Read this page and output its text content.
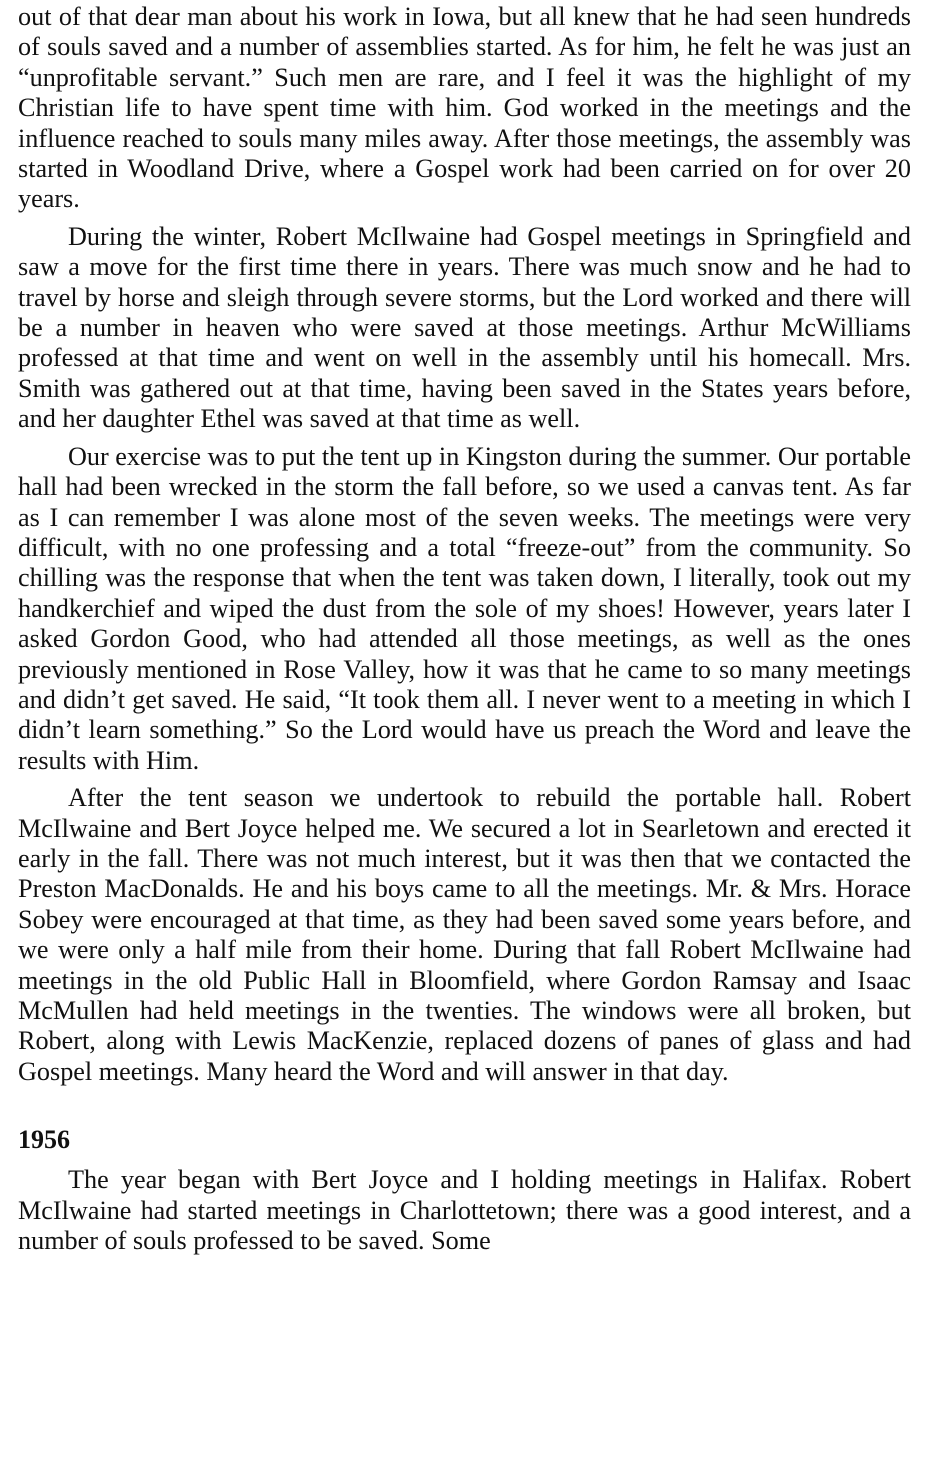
out of that dear man about his work in Iowa, but all knew that he had seen hundreds of souls saved and a number of assemblies started. As for him, he felt he was just an “unprofitable servant.” Such men are rare, and I feel it was the highlight of my Christian life to have spent time with him. God worked in the meetings and the influence reached to souls many miles away. After those meetings, the assembly was started in Woodland Drive, where a Gospel work had been carried on for over 20 years.

During the winter, Robert McIlwaine had Gospel meetings in Springfield and saw a move for the first time there in years. There was much snow and he had to travel by horse and sleigh through severe storms, but the Lord worked and there will be a number in heaven who were saved at those meetings. Arthur McWilliams professed at that time and went on well in the assembly until his homecall. Mrs. Smith was gathered out at that time, having been saved in the States years before, and her daughter Ethel was saved at that time as well.

Our exercise was to put the tent up in Kingston during the summer. Our portable hall had been wrecked in the storm the fall before, so we used a canvas tent. As far as I can remember I was alone most of the seven weeks. The meetings were very difficult, with no one professing and a total “freeze-out” from the community. So chilling was the response that when the tent was taken down, I literally, took out my handkerchief and wiped the dust from the sole of my shoes! However, years later I asked Gordon Good, who had attended all those meetings, as well as the ones previously mentioned in Rose Valley, how it was that he came to so many meetings and didn’t get saved. He said, “It took them all. I never went to a meeting in which I didn’t learn something.” So the Lord would have us preach the Word and leave the results with Him.

After the tent season we undertook to rebuild the portable hall. Robert McIlwaine and Bert Joyce helped me. We secured a lot in Searletown and erected it early in the fall. There was not much interest, but it was then that we contacted the Preston MacDonalds. He and his boys came to all the meetings. Mr. & Mrs. Horace Sobey were encouraged at that time, as they had been saved some years before, and we were only a half mile from their home. During that fall Robert McIlwaine had meetings in the old Public Hall in Bloomfield, where Gordon Ramsay and Isaac McMullen had held meetings in the twenties. The windows were all broken, but Robert, along with Lewis MacKenzie, replaced dozens of panes of glass and had Gospel meetings. Many heard the Word and will answer in that day.

1956

The year began with Bert Joyce and I holding meetings in Halifax. Robert McIlwaine had started meetings in Charlottetown; there was a good interest, and a number of souls professed to be saved. Some
